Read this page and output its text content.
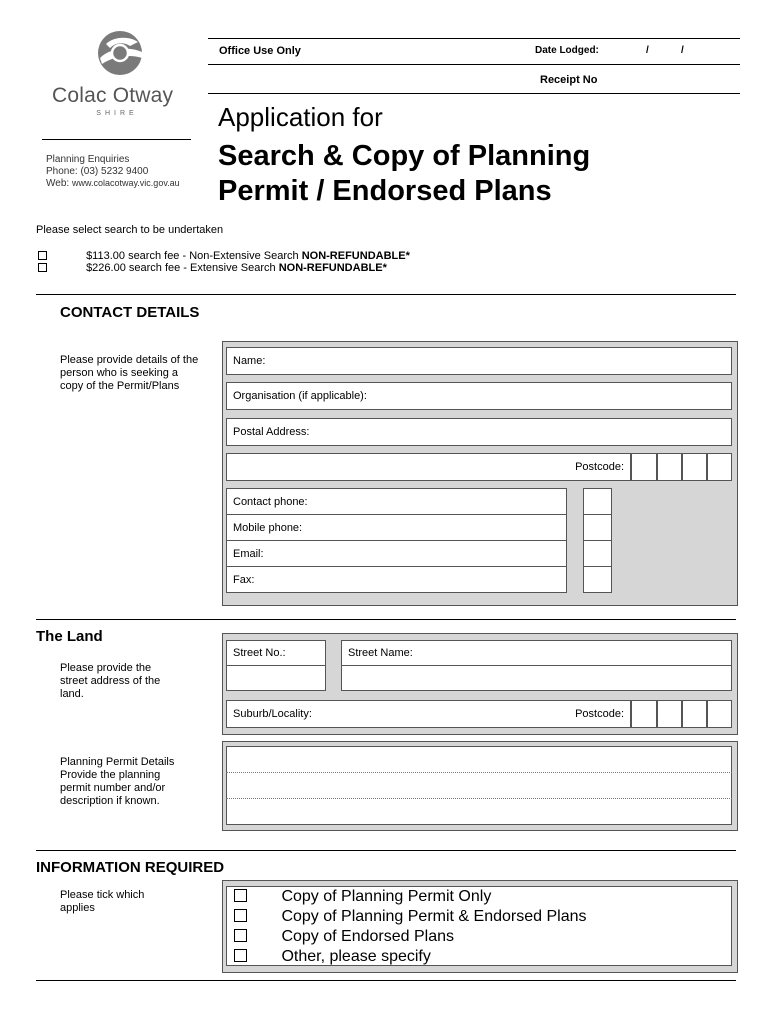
Office Use Only	Date Lodged:	/	/
Receipt No
Colac Otway
SHIRE
Planning Enquiries
Phone: (03) 5232 9400
Web: www.colacotway.vic.gov.au
Application for
Search & Copy of Planning
Permit / Endorsed Plans
Please select search to be undertaken
$113.00 search fee - Non-Extensive Search NON-REFUNDABLE*
$226.00 search fee - Extensive Search NON-REFUNDABLE*
CONTACT DETAILS
Please provide details of the person who is seeking a copy of the Permit/Plans
Name:
Organisation (if applicable):
Postal Address:
Postcode:
Contact phone:
Mobile phone:
Email:
Fax:
The Land
Please provide the street address of the land.
Street No.:	Street Name:
Suburb/Locality:	Postcode:
Planning Permit Details Provide the planning permit number and/or description if known.
INFORMATION REQUIRED
Please tick which applies
Copy of Planning Permit Only
Copy of Planning Permit & Endorsed Plans
Copy of Endorsed Plans
Other, please specify
